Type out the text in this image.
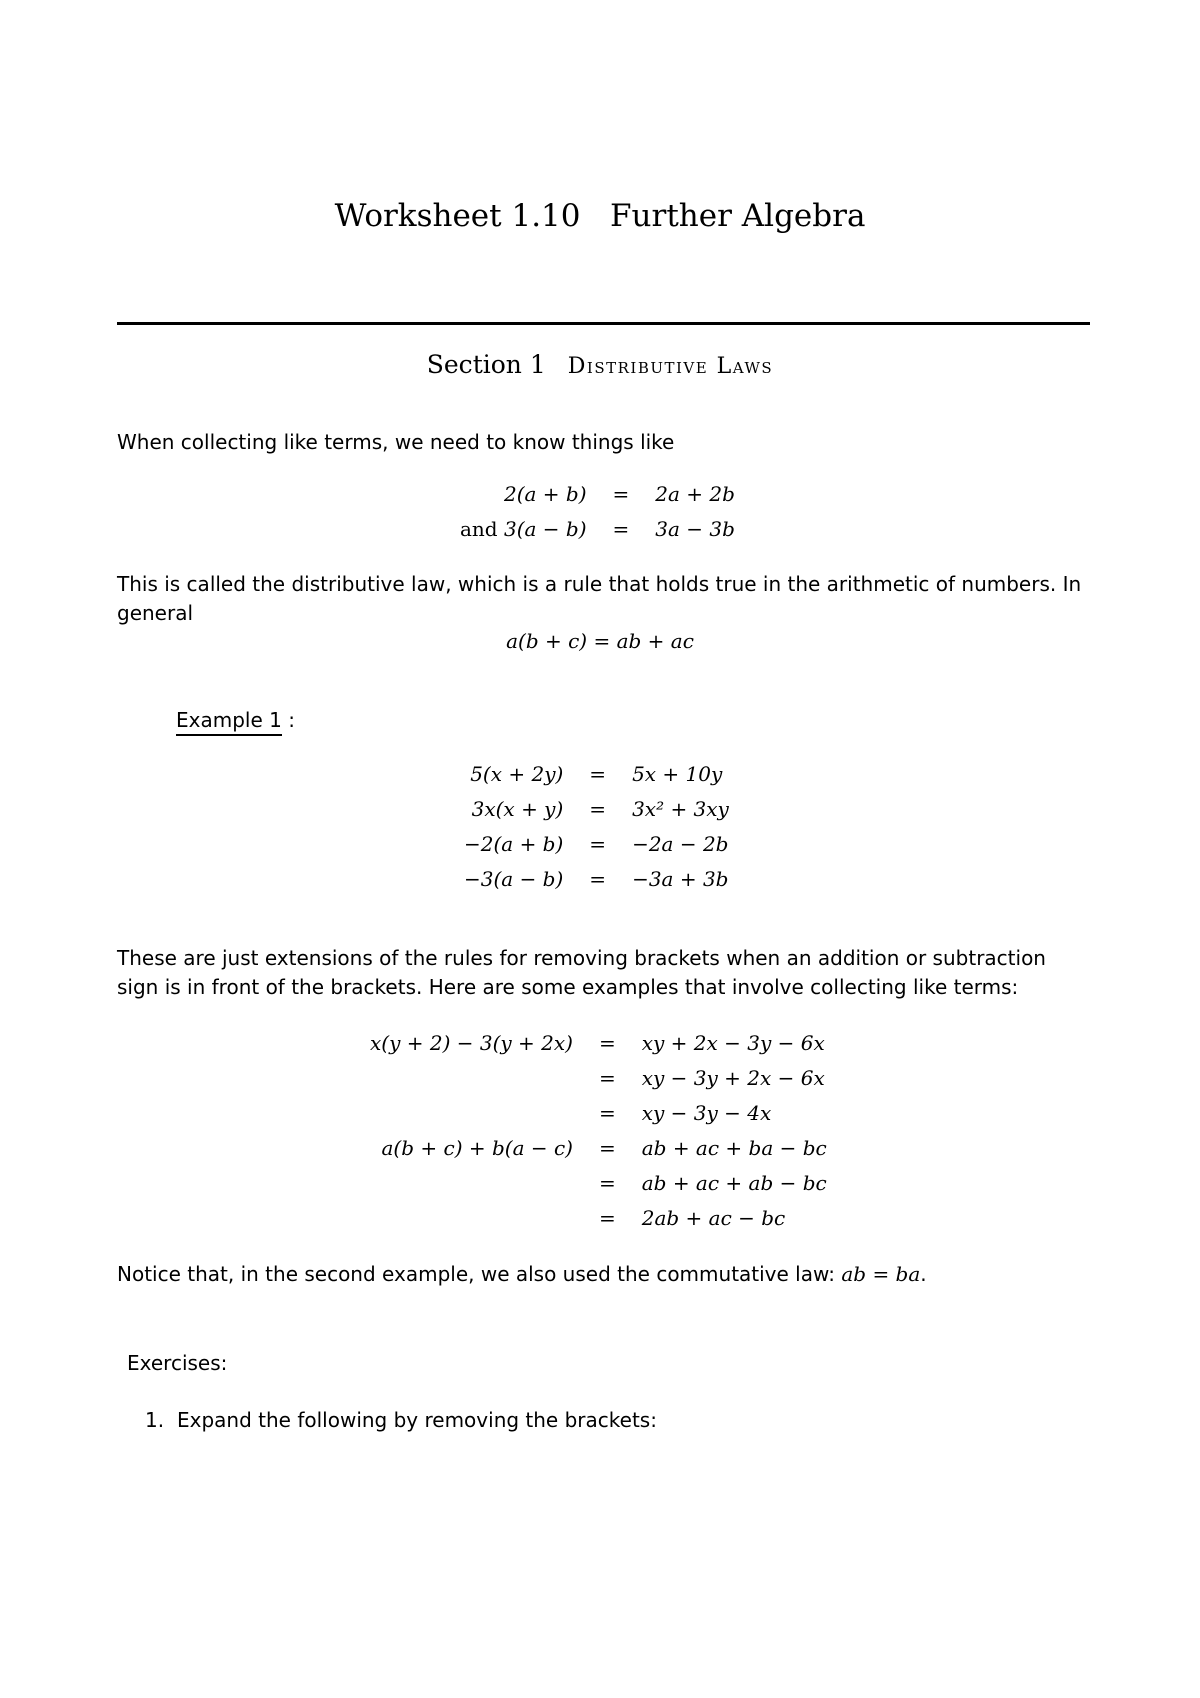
Worksheet 1.10   Further Algebra
Section 1 Distributive Laws
When collecting like terms, we need to know things like
2(a + b)	=	2a + 2b
and 3(a − b)	=	3a − 3b
This is called the distributive law, which is a rule that holds true in the arithmetic of numbers. In general
a(b + c) = ab + ac
Example 1 :
5(x + 2y)	=	5x + 10y
3x(x + y)	=	3x² + 3xy
−2(a + b)	=	−2a − 2b
−3(a − b)	=	−3a + 3b
These are just extensions of the rules for removing brackets when an addition or subtraction sign is in front of the brackets. Here are some examples that involve collecting like terms:
x(y + 2) − 3(y + 2x)	=	xy + 2x − 3y − 6x
=	xy − 3y + 2x − 6x
=	xy − 3y − 4x
a(b + c) + b(a − c)	=	ab + ac + ba − bc
=	ab + ac + ab − bc
=	2ab + ac − bc
Notice that, in the second example, we also used the commutative law: ab = ba.
Exercises:
1. Expand the following by removing the brackets:
